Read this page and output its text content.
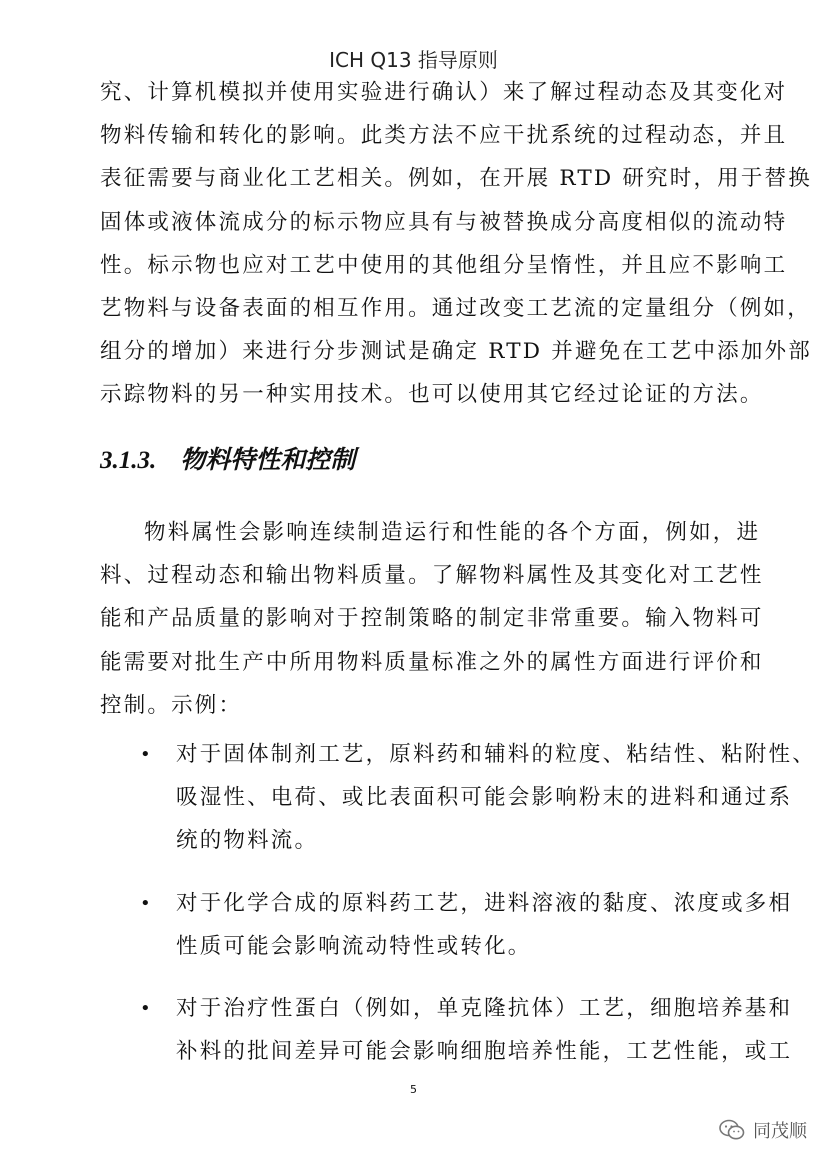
ICH Q13 指导原则
究、计算机模拟并使用实验进行确认）来了解过程动态及其变化对
物料传输和转化的影响。此类方法不应干扰系统的过程动态，并且
表征需要与商业化工艺相关。例如，在开展 RTD 研究时，用于替换
固体或液体流成分的标示物应具有与被替换成分高度相似的流动特
性。标示物也应对工艺中使用的其他组分呈惰性，并且应不影响工
艺物料与设备表面的相互作用。通过改变工艺流的定量组分（例如，
组分的增加）来进行分步测试是确定 RTD 并避免在工艺中添加外部
示踪物料的另一种实用技术。也可以使用其它经过论证的方法。
3.1.3. 物料特性和控制
物料属性会影响连续制造运行和性能的各个方面，例如，进
料、过程动态和输出物料质量。了解物料属性及其变化对工艺性
能和产品质量的影响对于控制策略的制定非常重要。输入物料可
能需要对批生产中所用物料质量标准之外的属性方面进行评价和
控制。示例：
• 对于固体制剂工艺，原料药和辅料的粒度、粘结性、粘附性、
吸湿性、电荷、或比表面积可能会影响粉末的进料和通过系
统的物料流。
• 对于化学合成的原料药工艺，进料溶液的黏度、浓度或多相
性质可能会影响流动特性或转化。
• 对于治疗性蛋白（例如，单克隆抗体）工艺，细胞培养基和
补料的批间差异可能会影响细胞培养性能，工艺性能，或工
5
同茂顺
